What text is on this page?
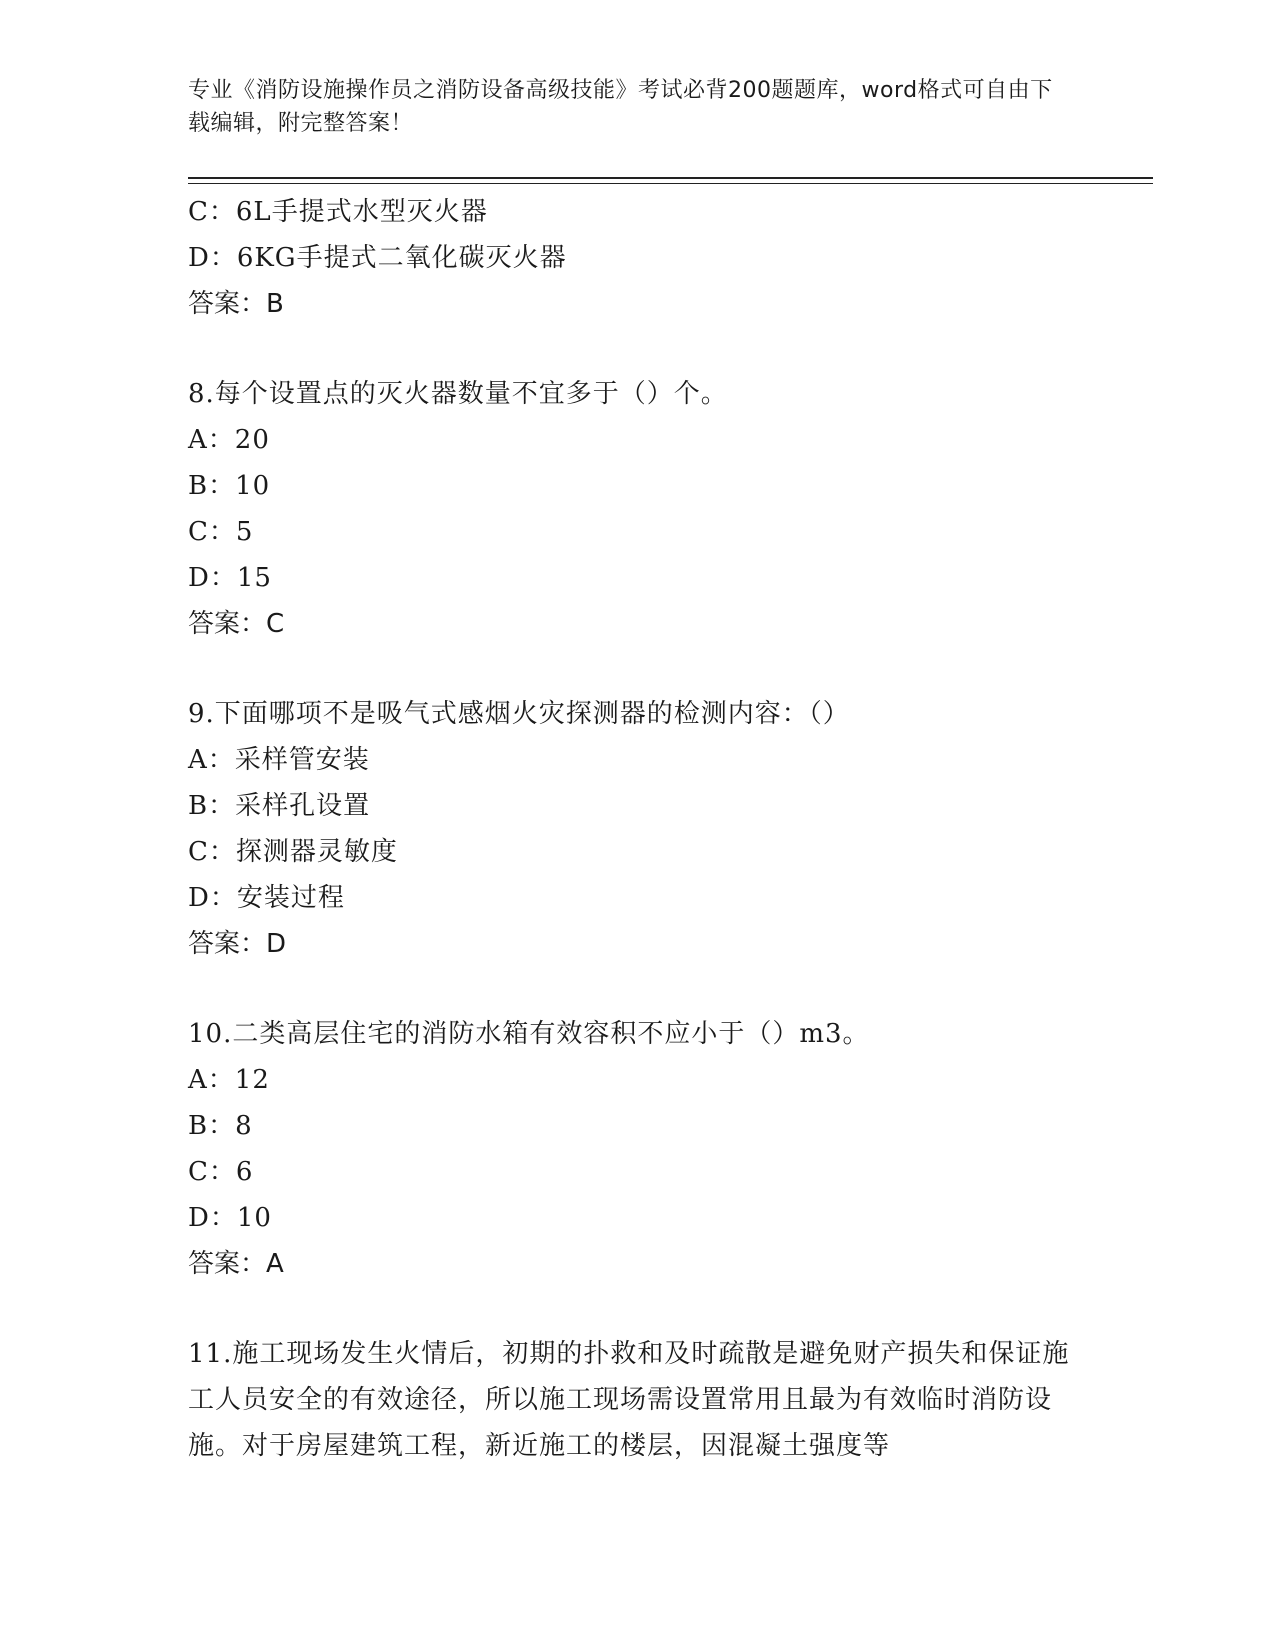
专业《消防设施操作员之消防设备高级技能》考试必背200题题库，word格式可自由下载编辑，附完整答案！
C：6L手提式水型灭火器
D：6KG手提式二氧化碳灭火器
答案：B
8.每个设置点的灭火器数量不宜多于（）个。
A：20
B：10
C：5
D：15
答案：C
9.下面哪项不是吸气式感烟火灾探测器的检测内容：（）
A：采样管安装
B：采样孔设置
C：探测器灵敏度
D：安装过程
答案：D
10.二类高层住宅的消防水箱有效容积不应小于（）m3。
A：12
B：8
C：6
D：10
答案：A
11.施工现场发生火情后，初期的扑救和及时疏散是避免财产损失和保证施工人员安全的有效途径，所以施工现场需设置常用且最为有效临时消防设施。对于房屋建筑工程，新近施工的楼层，因混凝土强度等
